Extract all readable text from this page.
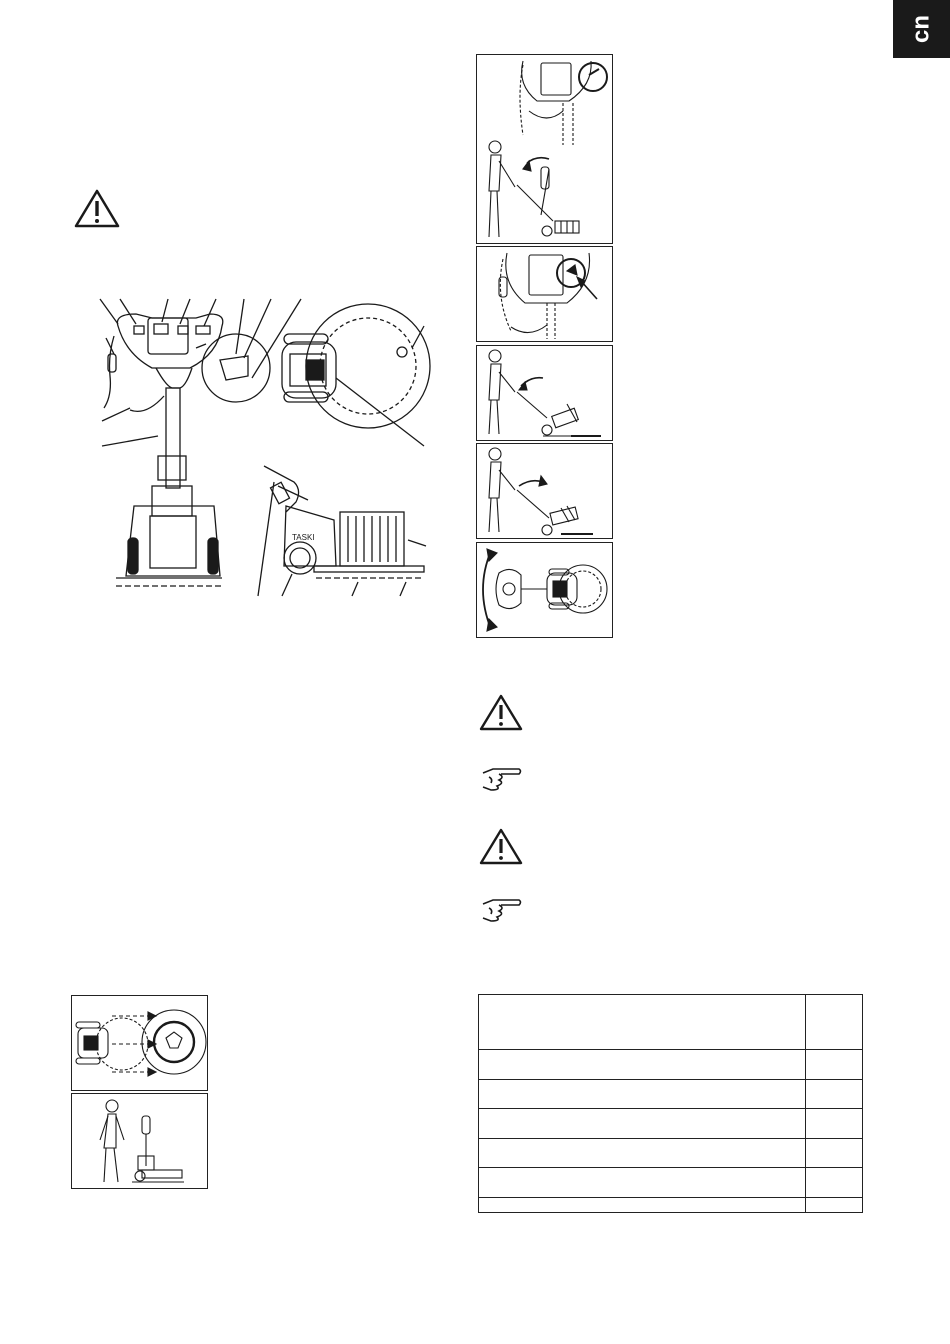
cn
TASKI
